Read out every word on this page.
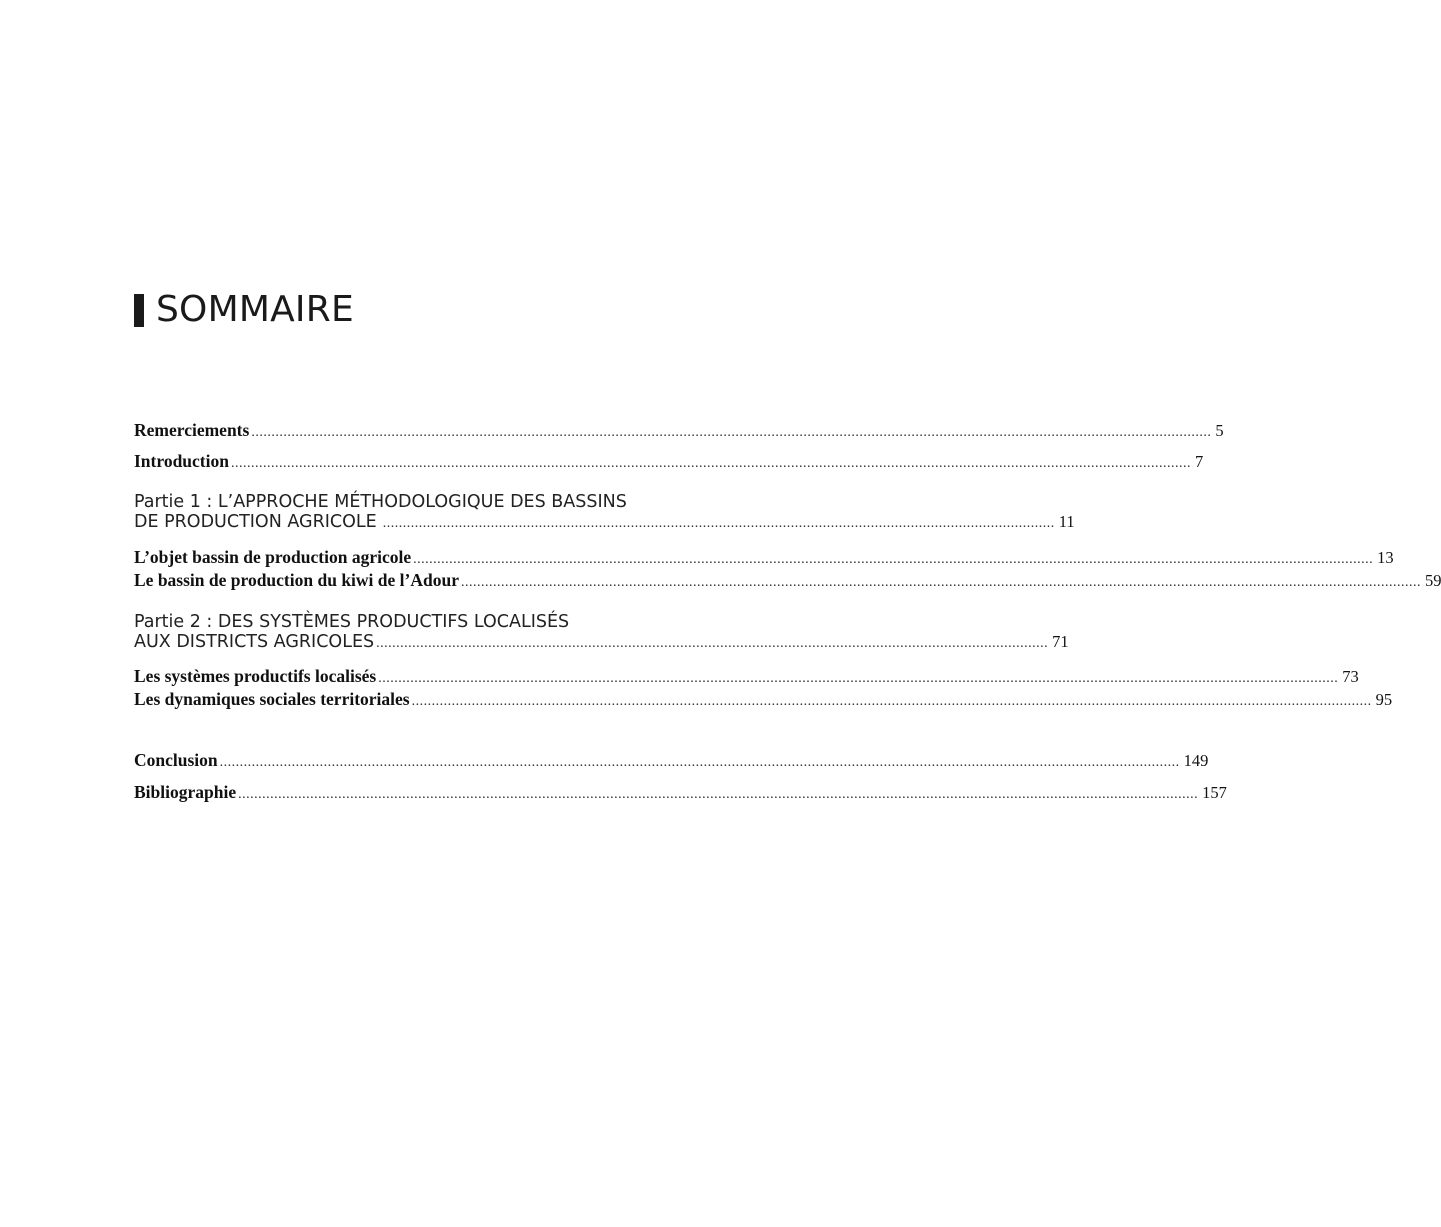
SOMMAIRE
Remerciements .....	5
Introduction .....	7
Partie 1 : L’APPROCHE MÉTHODOLOGIQUE DES BASSINS
DE PRODUCTION AGRICOLE ........................................................................................................................................................................ 11
L’objet bassin de production agricole .....	13
Le bassin de production du kiwi de l’Adour .....	59
Partie 2 : DES SYSTÈMES PRODUCTIFS LOCALISÉS
AUX DISTRICTS AGRICOLES ........................................................................................................................................................................ 71
Les systèmes productifs localisés .....	73
Les dynamiques sociales territoriales .....	95
Conclusion .....	149
Bibliographie .....	157
